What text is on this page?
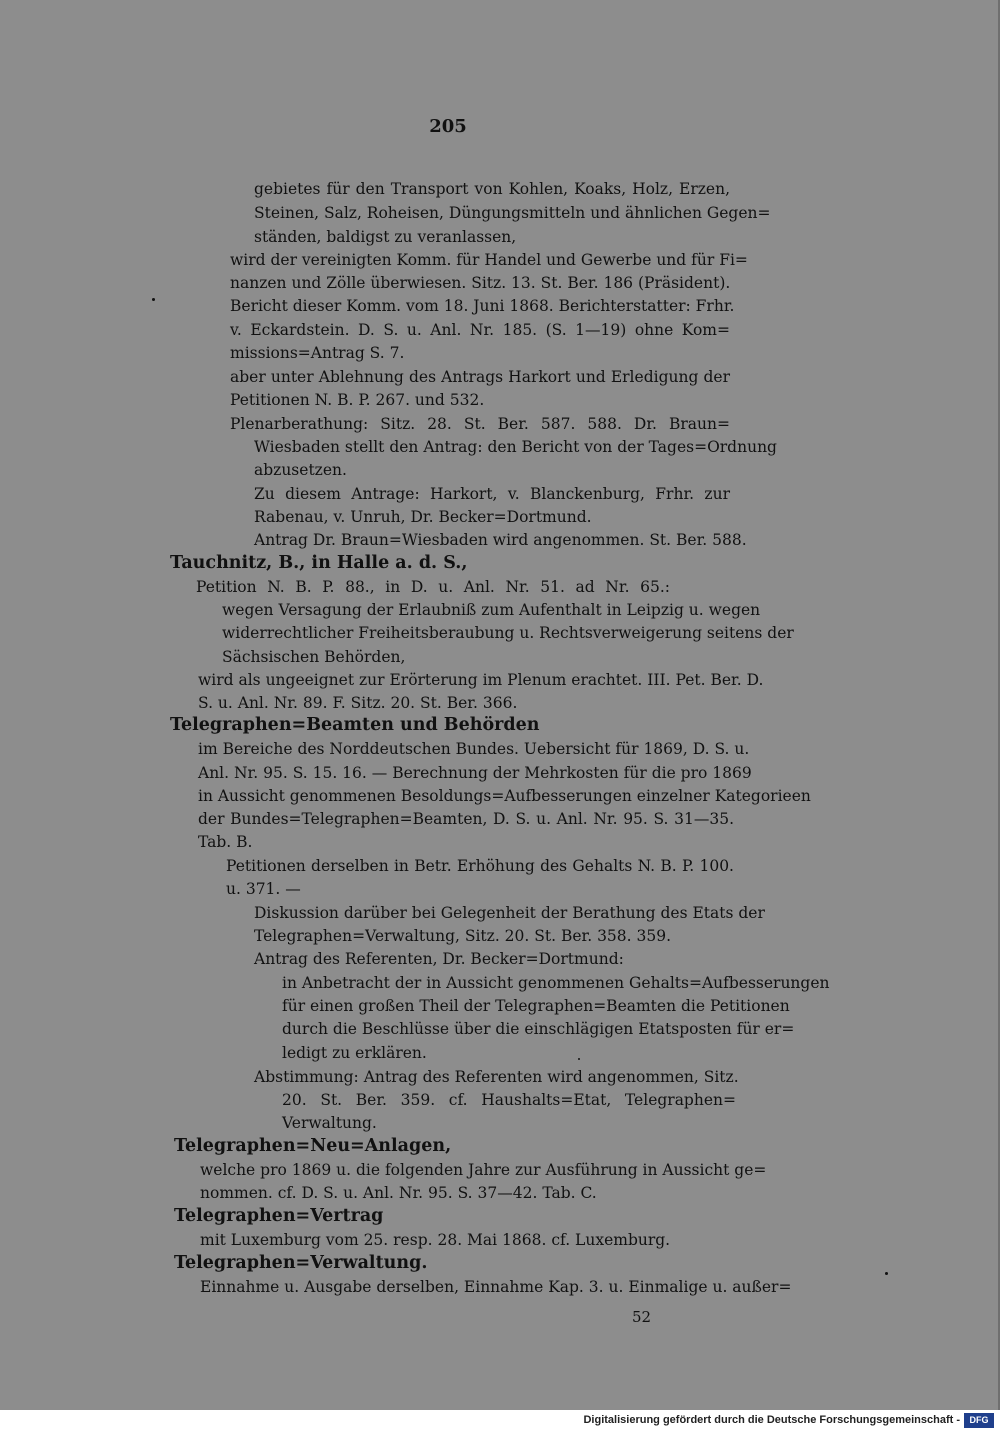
205
gebietes für den Transport von Kohlen, Koaks, Holz, Erzen,
Steinen, Salz, Roheisen, Düngungsmitteln und ähnlichen Gegen=
ständen, baldigst zu veranlassen,
wird der vereinigten Komm. für Handel und Gewerbe und für Fi=
nanzen und Zölle überwiesen. Sitz. 13. St. Ber. 186 (Präsident).
Bericht dieser Komm. vom 18. Juni 1868. Berichterstatter: Frhr.
v. Eckardstein. D. S. u. Anl. Nr. 185. (S. 1—19) ohne Kom=
missions=Antrag S. 7.
aber unter Ablehnung des Antrags Harkort und Erledigung der
Petitionen N. B. P. 267. und 532.
Plenarberathung: Sitz. 28. St. Ber. 587. 588. Dr. Braun=
Wiesbaden stellt den Antrag: den Bericht von der Tages=Ordnung
abzusetzen.
Zu diesem Antrage: Harkort, v. Blanckenburg, Frhr. zur
Rabenau, v. Unruh, Dr. Becker=Dortmund.
Antrag Dr. Braun=Wiesbaden wird angenommen. St. Ber. 588.
Tauchnitz, B., in Halle a. d. S.,
Petition N. B. P. 88., in D. u. Anl. Nr. 51. ad Nr. 65.:
wegen Versagung der Erlaubniß zum Aufenthalt in Leipzig u. wegen
widerrechtlicher Freiheitsberaubung u. Rechtsverweigerung seitens der
Sächsischen Behörden,
wird als ungeeignet zur Erörterung im Plenum erachtet. III. Pet. Ber. D.
S. u. Anl. Nr. 89. F. Sitz. 20. St. Ber. 366.
Telegraphen=Beamten und Behörden
im Bereiche des Norddeutschen Bundes. Uebersicht für 1869, D. S. u.
Anl. Nr. 95. S. 15. 16. — Berechnung der Mehrkosten für die pro 1869
in Aussicht genommenen Besoldungs=Aufbesserungen einzelner Kategorieen
der Bundes=Telegraphen=Beamten, D. S. u. Anl. Nr. 95. S. 31—35.
Tab. B.
Petitionen derselben in Betr. Erhöhung des Gehalts N. B. P. 100.
u. 371. —
Diskussion darüber bei Gelegenheit der Berathung des Etats der
Telegraphen=Verwaltung, Sitz. 20. St. Ber. 358. 359.
Antrag des Referenten, Dr. Becker=Dortmund:
in Anbetracht der in Aussicht genommenen Gehalts=Aufbesserungen
für einen großen Theil der Telegraphen=Beamten die Petitionen
durch die Beschlüsse über die einschlägigen Etatsposten für er=
ledigt zu erklären.
Abstimmung: Antrag des Referenten wird angenommen, Sitz.
20. St. Ber. 359. cf. Haushalts=Etat, Telegraphen=
Verwaltung.
Telegraphen=Neu=Anlagen,
welche pro 1869 u. die folgenden Jahre zur Ausführung in Aussicht ge=
nommen. cf. D. S. u. Anl. Nr. 95. S. 37—42. Tab. C.
Telegraphen=Vertrag
mit Luxemburg vom 25. resp. 28. Mai 1868. cf. Luxemburg.
Telegraphen=Verwaltung.
Einnahme u. Ausgabe derselben, Einnahme Kap. 3. u. Einmalige u. außer=
52
Digitalisierung gefördert durch die Deutsche Forschungsgemeinschaft -	DFG
